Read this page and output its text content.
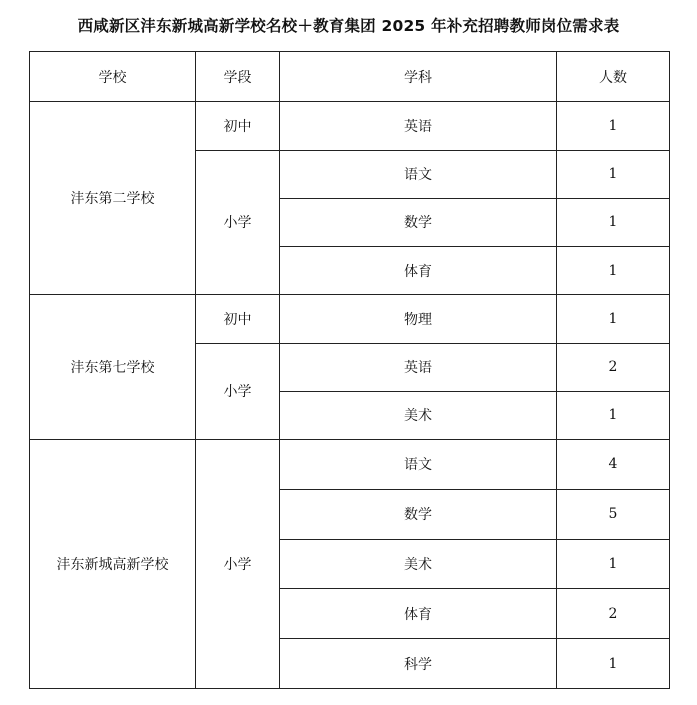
西咸新区沣东新城高新学校名校＋教育集团 2025 年补充招聘教师岗位需求表
学校	学段	学科	人数
沣东第二学校	初中	英语	1
	小学	语文	1
		数学	1
		体育	1
沣东第七学校	初中	物理	1
	小学	英语	2
		美术	1
沣东新城高新学校	小学	语文	4
		数学	5
		美术	1
		体育	2
		科学	1
